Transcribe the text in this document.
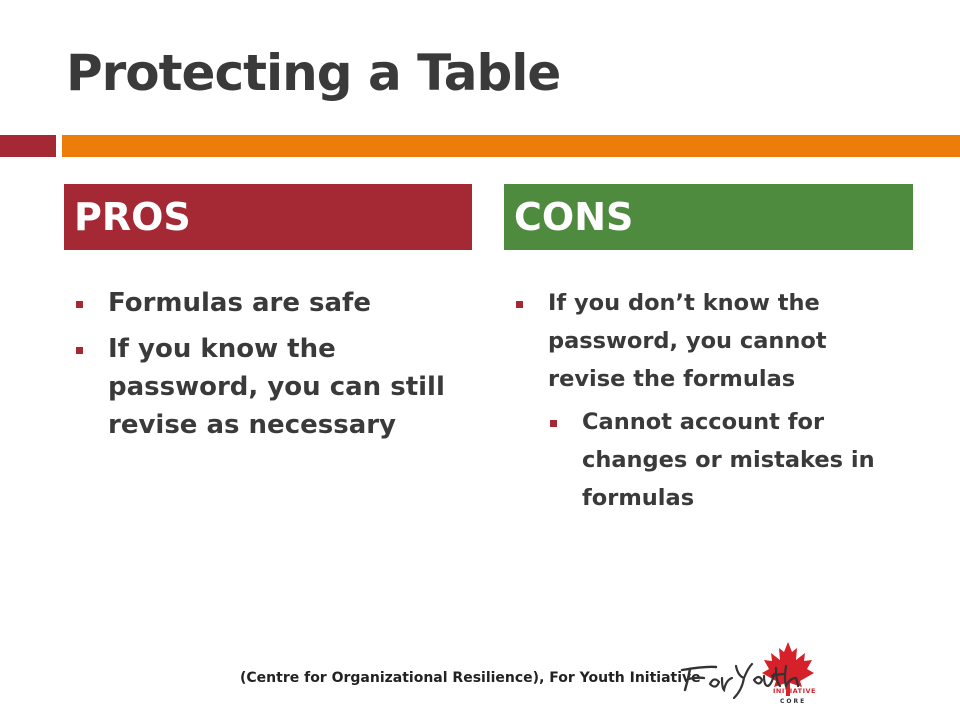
Protecting a Table
PROS	CONS
Formulas are safe
If you know the password, you can still revise as necessary
If you don’t know the password, you cannot revise the formulas
Cannot account for changes or mistakes in formulas
(Centre for Organizational Resilience), For Youth Initiative
INITIATIVE
CORE
